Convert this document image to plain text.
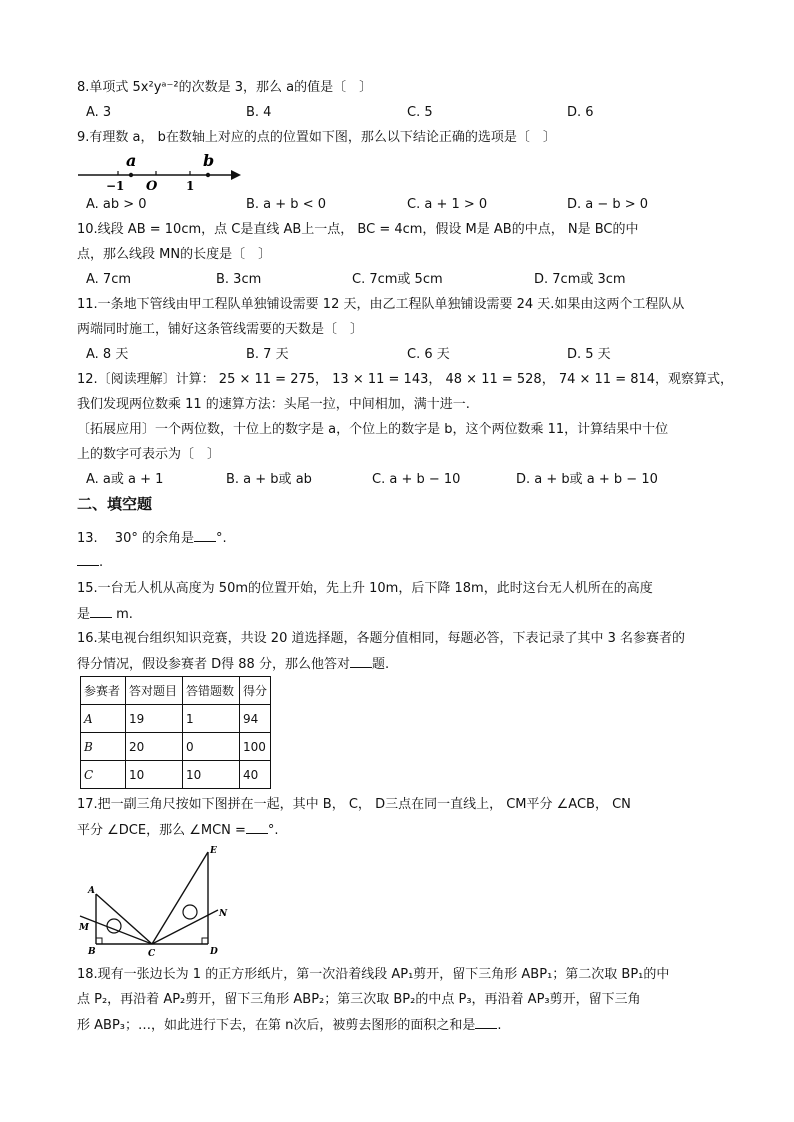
8.单项式 5x²yᵃ⁻²的次数是 3，那么 a的值是〔　〕
A. 3	B. 4	C. 5	D. 6
9.有理数 a， b在数轴上对应的点的位置如下图，那么以下结论正确的选项是〔　〕
a	b
−1 O 1
A. ab > 0	B. a + b < 0	C. a + 1 > 0	D. a − b > 0
10.线段 AB = 10cm，点 C是直线 AB上一点， BC = 4cm，假设 M是 AB的中点， N是 BC的中
点，那么线段 MN的长度是〔　〕
A. 7cm	B. 3cm	C. 7cm或 5cm	D. 7cm或 3cm
11.一条地下管线由甲工程队单独铺设需要 12 天，由乙工程队单独铺设需要 24 天.如果由这两个工程队从
两端同时施工，铺好这条管线需要的天数是〔　〕
A. 8 天	B. 7 天	C. 6 天	D. 5 天
12.〔阅读理解〕计算： 25 × 11 = 275， 13 × 11 = 143， 48 × 11 = 528， 74 × 11 = 814，观察算式，
我们发现两位数乘 11 的速算方法：头尾一拉，中间相加，满十进一.
〔拓展应用〕一个两位数，十位上的数字是 a，个位上的数字是 b，这个两位数乘 11，计算结果中十位
上的数字可表示为〔　〕
A. a或 a + 1	B. a + b或 ab	C. a + b − 10	D. a + b或 a + b − 10
二、填空题
13.　 30° 的余角是 °.
.
15.一台无人机从高度为 50m的位置开始，先上升 10m，后下降 18m，此时这台无人机所在的高度
是 m.
16.某电视台组织知识竞赛，共设 20 道选择题，各题分值相同，每题必答，下表记录了其中 3 名参赛者的
得分情况，假设参赛者 D得 88 分，那么他答对 题.
参赛者	答对题目	答错题数	得分
A	19	1	94
B	20	0	100
C	10	10	40
17.把一副三角尺按如下图拼在一起，其中 B， C， D三点在同一直线上， CM平分 ∠ACB， CN
平分 ∠DCE，那么 ∠MCN = °.
A
M
B	C
E
N
D
18.现有一张边长为 1 的正方形纸片，第一次沿着线段 AP₁剪开，留下三角形 ABP₁；第二次取 BP₁的中
点 P₂，再沿着 AP₂剪开，留下三角形 ABP₂；第三次取 BP₂的中点 P₃，再沿着 AP₃剪开，留下三角
形 ABP₃；…，如此进行下去，在第 n次后，被剪去图形的面积之和是 .
